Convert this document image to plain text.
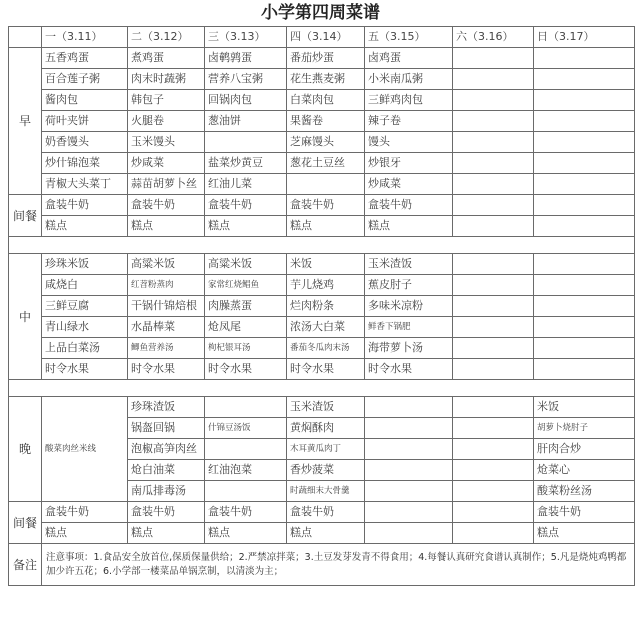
小学第四周菜谱
	一（3.11）	二（3.12）	三（3.13）	四（3.14）	五（3.15）	六（3.16）	日（3.17）
早	五香鸡蛋	煮鸡蛋	卤鹌鹑蛋	番茄炒蛋	卤鸡蛋		
	百合莲子粥	肉末时蔬粥	营养八宝粥	花生燕麦粥	小米南瓜粥		
	酱肉包	韩包子	回锅肉包	白菜肉包	三鲜鸡肉包		
	荷叶夹饼	火腿卷	葱油饼	果酱卷	辣子卷		
	奶香馒头	玉米馒头		芝麻馒头	馒头		
	炒什锦泡菜	炒咸菜	盐菜炒黄豆	葱花土豆丝	炒银牙		
	青椒大头菜丁	蒜苗胡萝卜丝	红油儿菜		炒咸菜		
间餐	盒装牛奶	盒装牛奶	盒装牛奶	盒装牛奶	盒装牛奶		
	糕点	糕点	糕点	糕点	糕点		

中	珍珠米饭	高粱米饭	高粱米饭	米饭	玉米渣饭		
	咸烧白	红苕粉蒸肉	家常红烧鲳鱼	芋儿烧鸡	蕉皮肘子		
	三鲜豆腐	干锅什锦焙根	肉臊蒸蛋	烂肉粉条	多味米凉粉		
	青山绿水	水晶棒菜	炝凤尾	浓汤大白菜	鲜香下锅肥		
	上品白菜汤	鲫鱼营养汤	枸杞银耳汤	番茄冬瓜肉末汤	海带萝卜汤		
	时令水果	时令水果	时令水果	时令水果	时令水果		

晚	酸菜肉丝米线	珍珠渣饭		玉米渣饭			米饭
		锅盔回锅	什锦豆汤饭	黄焖酥肉			胡萝卜烧肘子
		泡椒高笋肉丝		木耳黄瓜肉丁			肝肉合炒
		炝白油菜	红油泡菜	香炒菠菜			炝菜心
		南瓜排毒汤		时蔬细末大骨羹			酸菜粉丝汤
间餐	盒装牛奶	盒装牛奶	盒装牛奶	盒装牛奶			盒装牛奶
	糕点	糕点	糕点	糕点			糕点
备注	注意事项：1.食品安全放首位,保质保量供给；2.严禁凉拌菜；3.土豆发芽发青不得食用；4.每餐认真研究食谱认真制作；5.凡是烧炖鸡鸭都加少许五花；6.小学部一楼菜品单锅烹制，以清淡为主；						
